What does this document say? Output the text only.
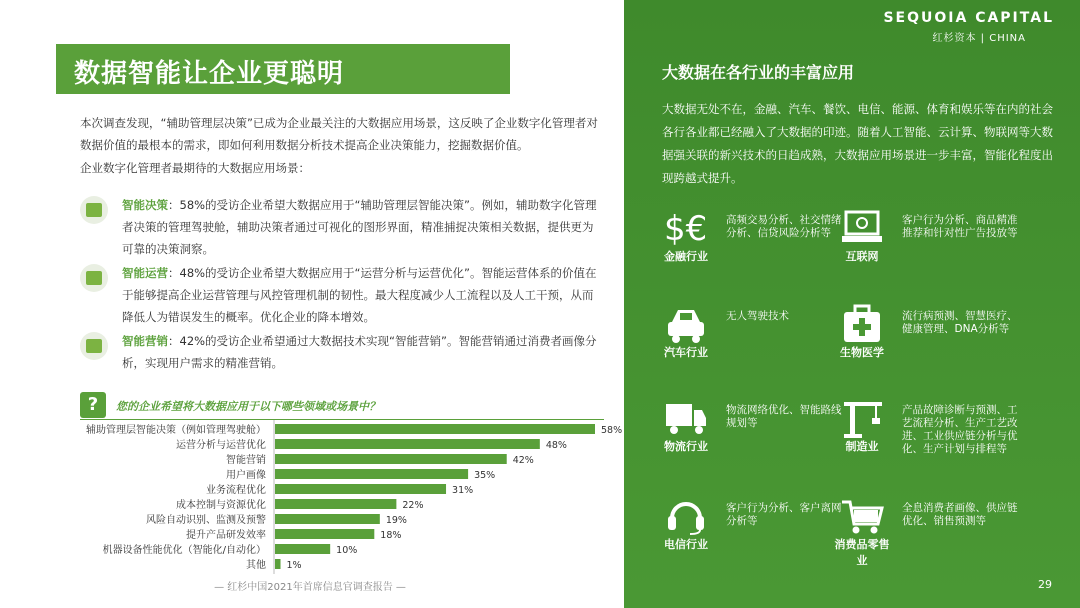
数据智能让企业更聪明
本次调查发现，“辅助管理层决策”已成为企业最关注的大数据应用场景，这反映了企业数字化管理者对数据价值的最根本的需求，即如何利用数据分析技术提高企业决策能力，挖掘数据价值。
企业数字化管理者最期待的大数据应用场景：
智能决策：58%的受访企业希望大数据应用于“辅助管理层智能决策”。例如，辅助数字化管理者决策的管理驾驶舱，辅助决策者通过可视化的图形界面，精准捕捉决策相关数据，提供更为可靠的决策洞察。
智能运营：48%的受访企业希望大数据应用于“运营分析与运营优化”。智能运营体系的价值在于能够提高企业运营管理与风控管理机制的韧性。最大程度减少人工流程以及人工干预，从而降低人为错误发生的概率。优化企业的降本增效。
智能营销：42%的受访企业希望通过大数据技术实现“智能营销”。智能营销通过消费者画像分析，实现用户需求的精准营销。
?	您的企业希望将大数据应用于以下哪些领域或场景中？
辅助管理层智能决策（例如管理驾驶舱）	58%
运营分析与运营优化	48%
智能营销	42%
用户画像	35%
业务流程优化	31%
成本控制与资源优化	22%
风险自动识别、监测及预警	19%
提升产品研发效率	18%
机器设备性能优化（智能化/自动化）	10%
其他 1%
— 红杉中国2021年首席信息官调查报告 —
SEQUOIA CAPITAL
红杉资本 | CHINA
大数据在各行业的丰富应用
大数据无处不在，金融、汽车、餐饮、电信、能源、体育和娱乐等在内的社会各行各业都已经融入了大数据的印迹。随着人工智能、云计算、物联网等大数据强关联的新兴技术的日趋成熟，大数据应用场景进一步丰富，智能化程度出现跨越式提升。
$€
金融行业
高频交易分析、社交情绪分析、信贷风险分析等
互联网
客户行为分析、商品精准推荐和针对性广告投放等
汽车行业
无人驾驶技术
生物医学
流行病预测、智慧医疗、健康管理、DNA分析等
物流行业
物流网络优化、智能路线规划等
制造业
产品故障诊断与预测、工艺流程分析、生产工艺改进、工业供应链分析与优化、生产计划与排程等
电信行业
客户行为分析、客户离网分析等
消费品零售业
全息消费者画像、供应链优化、销售预测等
29
